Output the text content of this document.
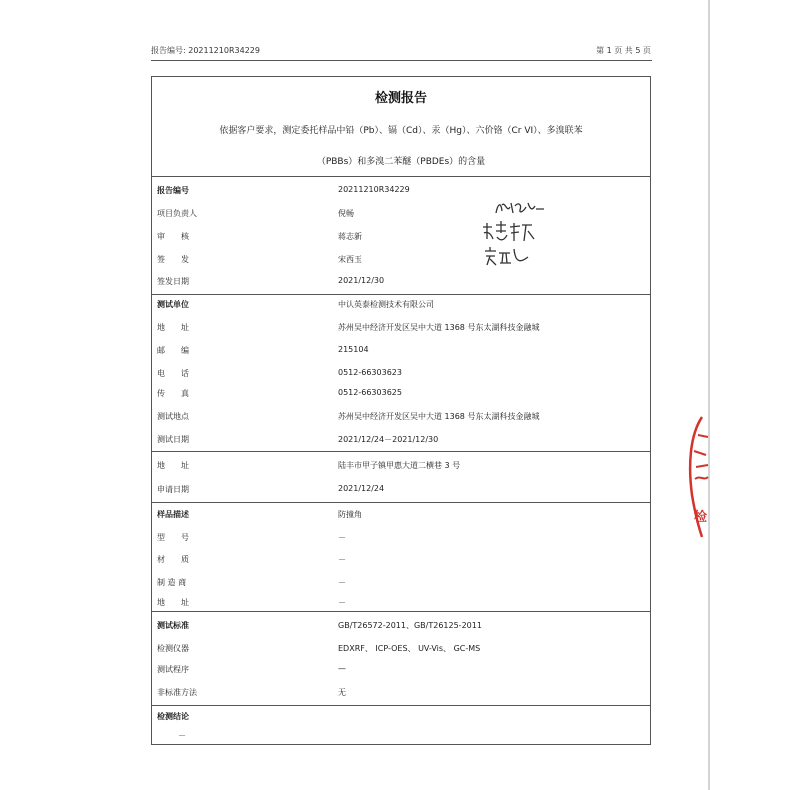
报告编号: 20211210R34229	第 1 页 共 5 页
检测报告
依据客户要求，测定委托样品中铅（Pb）、镉（Cd）、汞（Hg）、六价铬（Cr VI）、多溴联苯
（PBBs）和多溴二苯醚（PBDEs）的含量
报告编号	20211210R34229
项目负责人	倪畅
审　　核	蒋志新
签　　发	宋西玉
签发日期	2021/12/30
测试单位	中认英泰检测技术有限公司
地　　址	苏州吴中经济开发区吴中大道 1368 号东太湖科技金融城
邮　　编	215104
电　　话	0512-66303623
传　　真	0512-66303625
测试地点	苏州吴中经济开发区吴中大道 1368 号东太湖科技金融城
测试日期	2021/12/24－2021/12/30
地　　址	陆丰市甲子镇甲惠大道二横巷 3 号
申请日期	2021/12/24
样品描述	防撞角
型　　号	－
材　　质	－
制 造 商	－
地　　址	－
测试标准	GB/T26572-2011、GB/T26125-2011
检测仪器	EDXRF、 ICP-OES、 UV-Vis、 GC-MS
测试程序	—
非标准方法	无
检测结论
－
检
